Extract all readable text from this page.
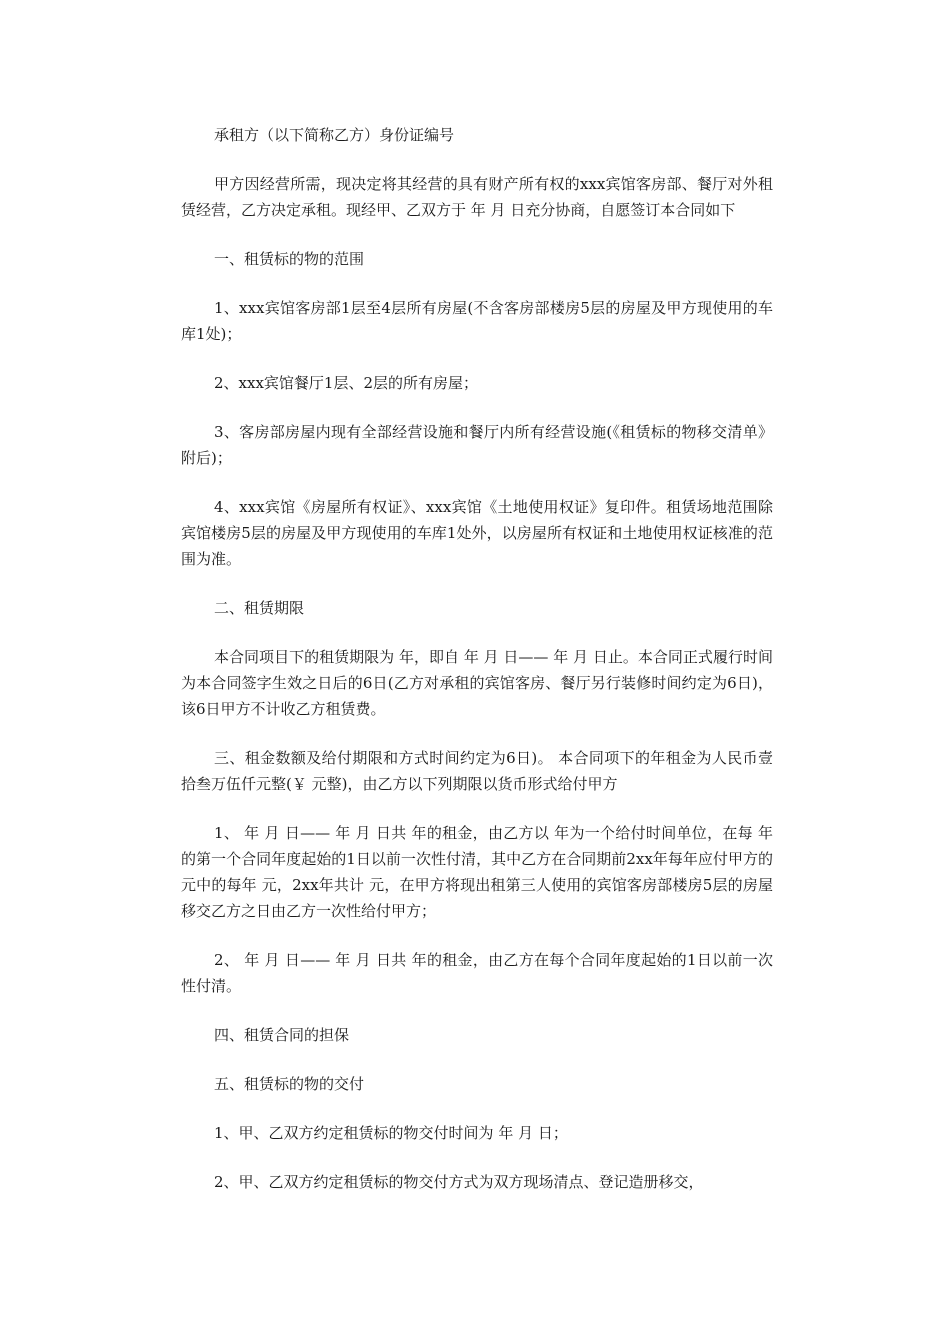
承租方（以下简称乙方）身份证编号

甲方因经营所需，现决定将其经营的具有财产所有权的xxx宾馆客房部、餐厅对外租赁经营，乙方决定承租。现经甲、乙双方于 年 月 日充分协商，自愿签订本合同如下

一、租赁标的物的范围

1、xxx宾馆客房部1层至4层所有房屋(不含客房部楼房5层的房屋及甲方现使用的车库1处)；

2、xxx宾馆餐厅1层、2层的所有房屋；

3、客房部房屋内现有全部经营设施和餐厅内所有经营设施(《租赁标的物移交清单》附后)；

4、xxx宾馆《房屋所有权证》、xxx宾馆《土地使用权证》复印件。租赁场地范围除宾馆楼房5层的房屋及甲方现使用的车库1处外，以房屋所有权证和土地使用权证核准的范围为准。

二、租赁期限

本合同项目下的租赁期限为 年，即自 年 月 日—— 年 月 日止。本合同正式履行时间为本合同签字生效之日后的6日(乙方对承租的宾馆客房、餐厅另行装修时间约定为6日)，该6日甲方不计收乙方租赁费。

三、租金数额及给付期限和方式时间约定为6日)。 本合同项下的年租金为人民币壹拾叁万伍仟元整(￥ 元整)，由乙方以下列期限以货币形式给付甲方

1、 年 月 日—— 年 月 日共 年的租金，由乙方以 年为一个给付时间单位，在每 年的第一个合同年度起始的1日以前一次性付清，其中乙方在合同期前2xx年每年应付甲方的 元中的每年 元，2xx年共计 元，在甲方将现出租第三人使用的宾馆客房部楼房5层的房屋移交乙方之日由乙方一次性给付甲方；

2、 年 月 日—— 年 月 日共 年的租金，由乙方在每个合同年度起始的1日以前一次性付清。

四、租赁合同的担保

五、租赁标的物的交付

1、甲、乙双方约定租赁标的物交付时间为 年 月 日；

2、甲、乙双方约定租赁标的物交付方式为双方现场清点、登记造册移交，
